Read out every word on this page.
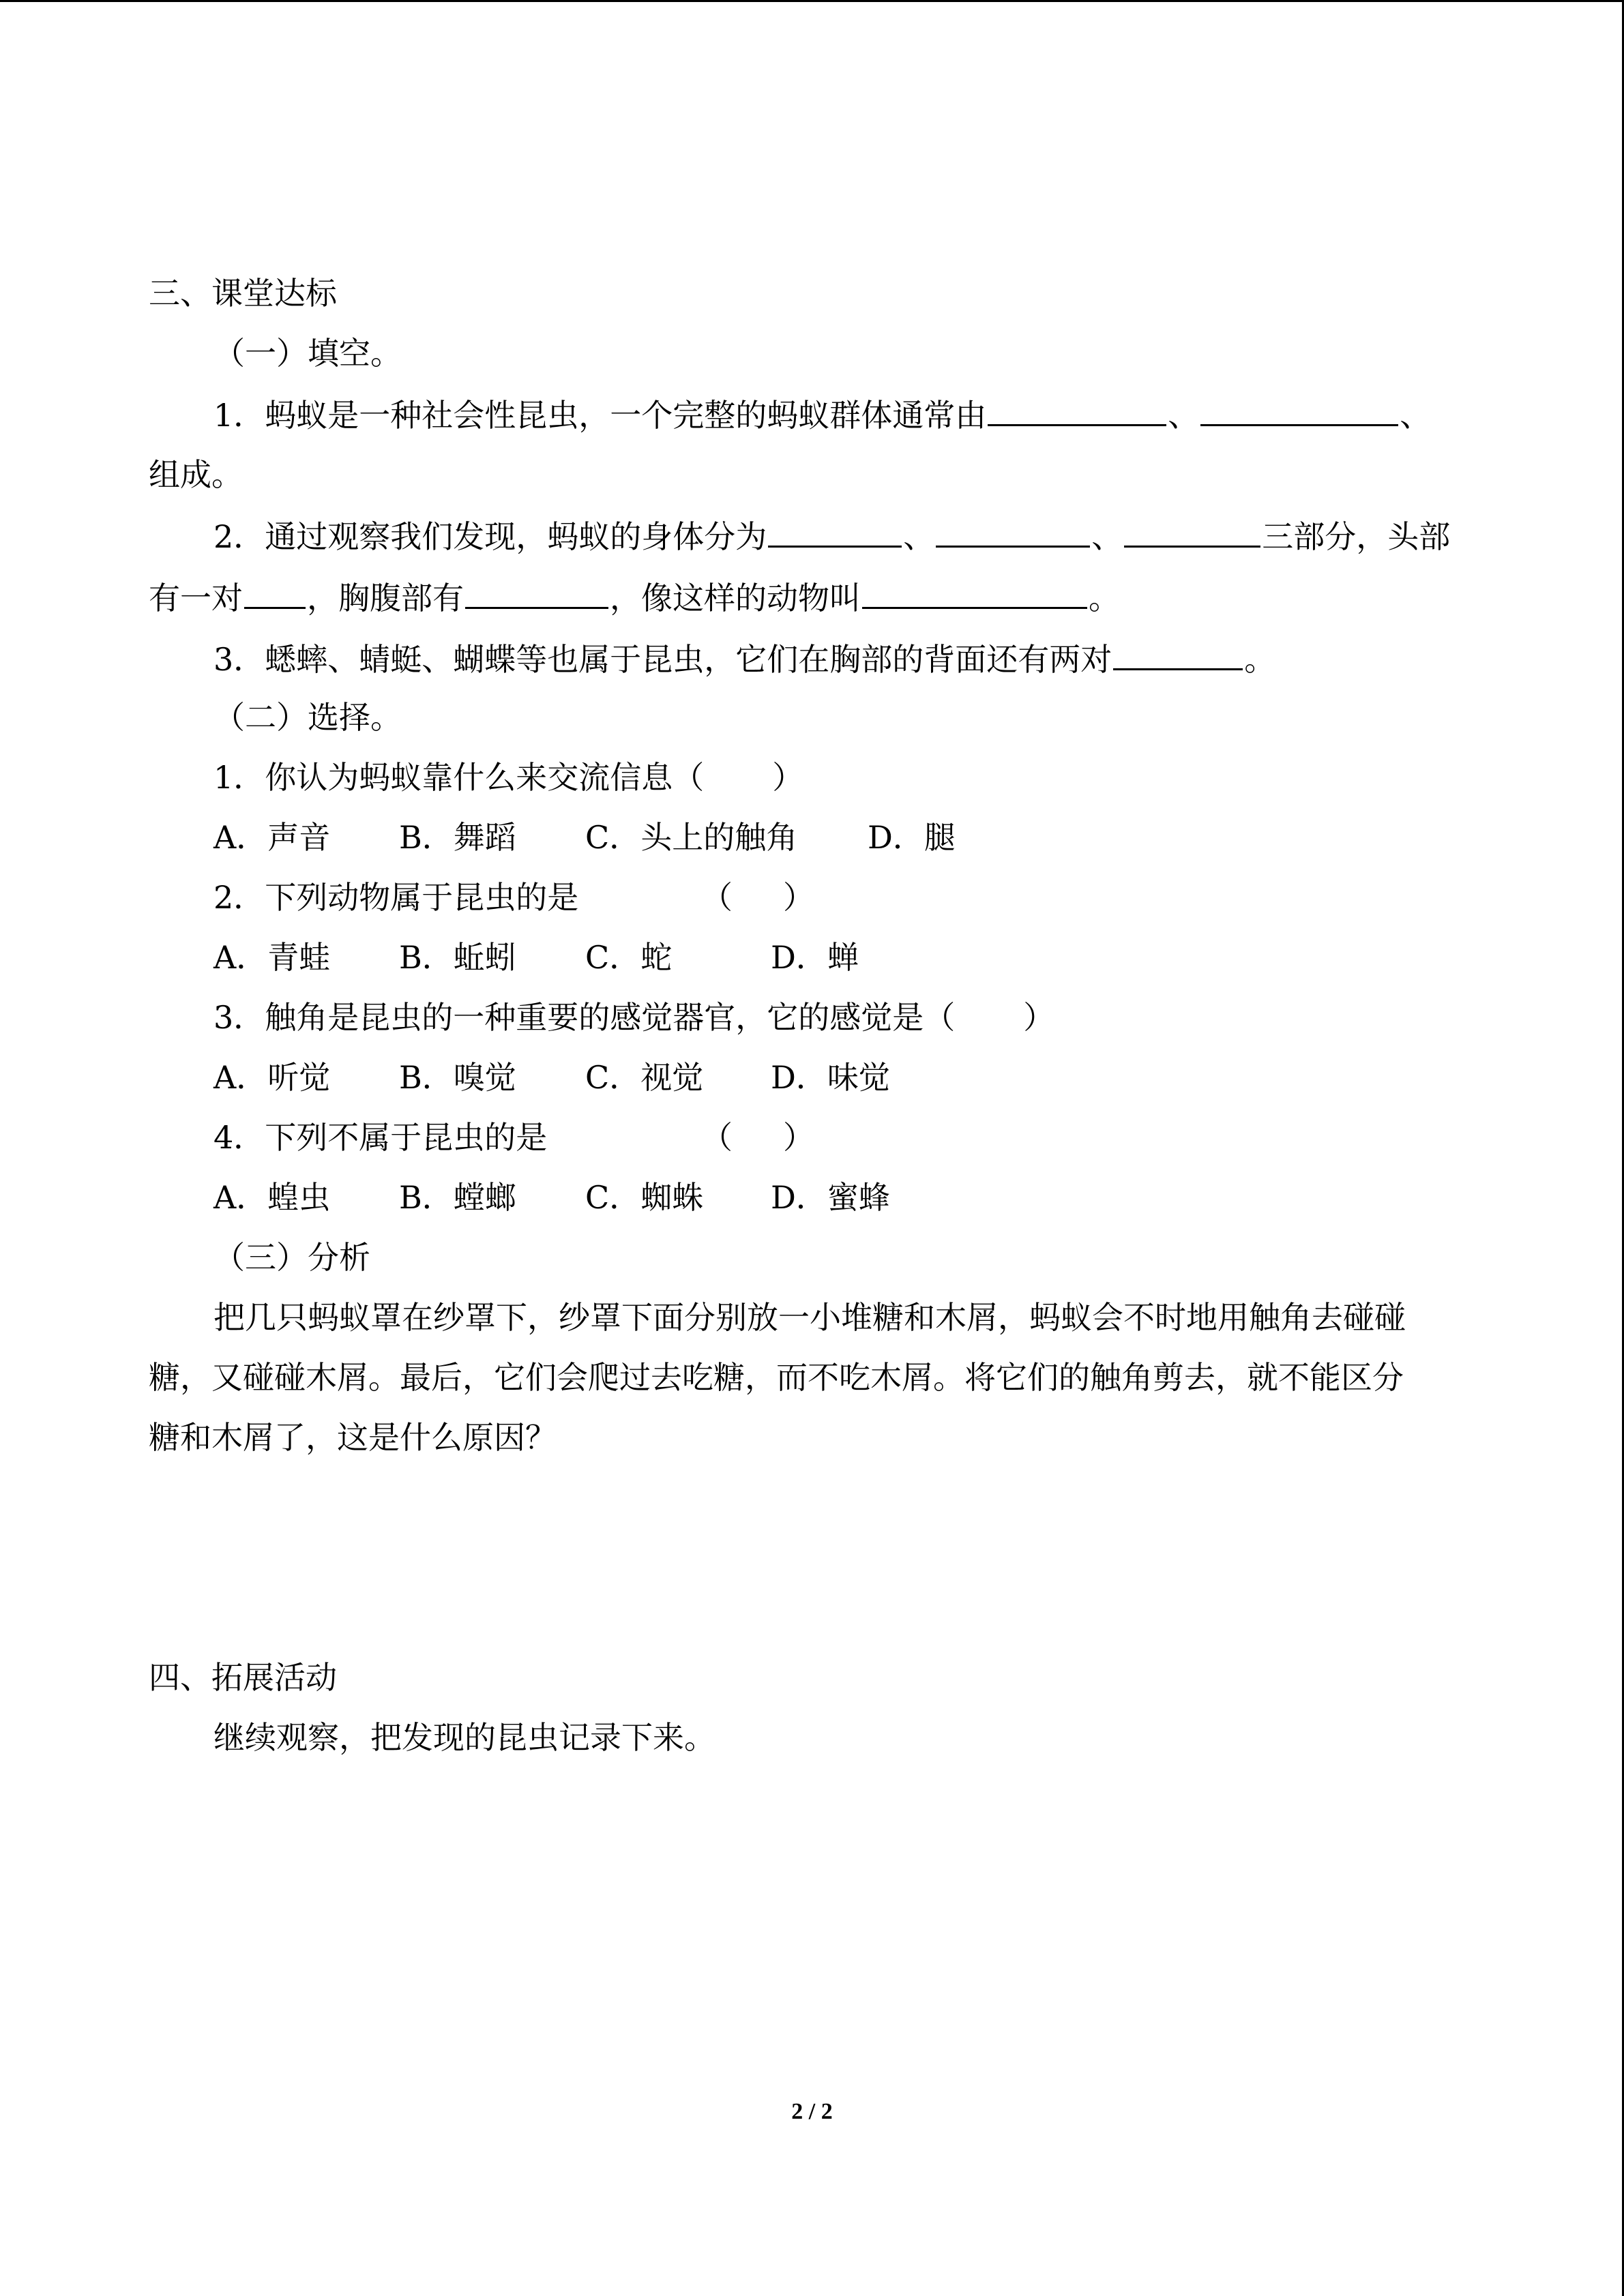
三、课堂达标
（一）填空。
1．蚂蚁是一种社会性昆虫，一个完整的蚂蚁群体通常由	、	、
组成。
2．通过观察我们发现，蚂蚁的身体分为	、	、	三部分，头部
有一对 ，胸腹部有	，像这样的动物叫	。
3．蟋蟀、蜻蜓、蝴蝶等也属于昆虫，它们在胸部的背面还有两对	。
（二）选择。
1．你认为蚂蚁靠什么来交流信息（ ）
A．声音 B．舞蹈 C．头上的触角 D．腿
2．下列动物属于昆虫的是	（ ）
A．青蛙 B．蚯蚓 C．蛇	D．蝉
3．触角是昆虫的一种重要的感觉器官，它的感觉是（ ）
A．听觉 B．嗅觉 C．视觉 D．味觉
4．下列不属于昆虫的是	（ ）
A．蝗虫 B．螳螂 C．蜘蛛 D．蜜蜂
（三）分析
把几只蚂蚁罩在纱罩下，纱罩下面分别放一小堆糖和木屑，蚂蚁会不时地用触角去碰碰
糖，又碰碰木屑。最后，它们会爬过去吃糖，而不吃木屑。将它们的触角剪去，就不能区分
糖和木屑了，这是什么原因？
四、拓展活动
继续观察，把发现的昆虫记录下来。
2 / 2
